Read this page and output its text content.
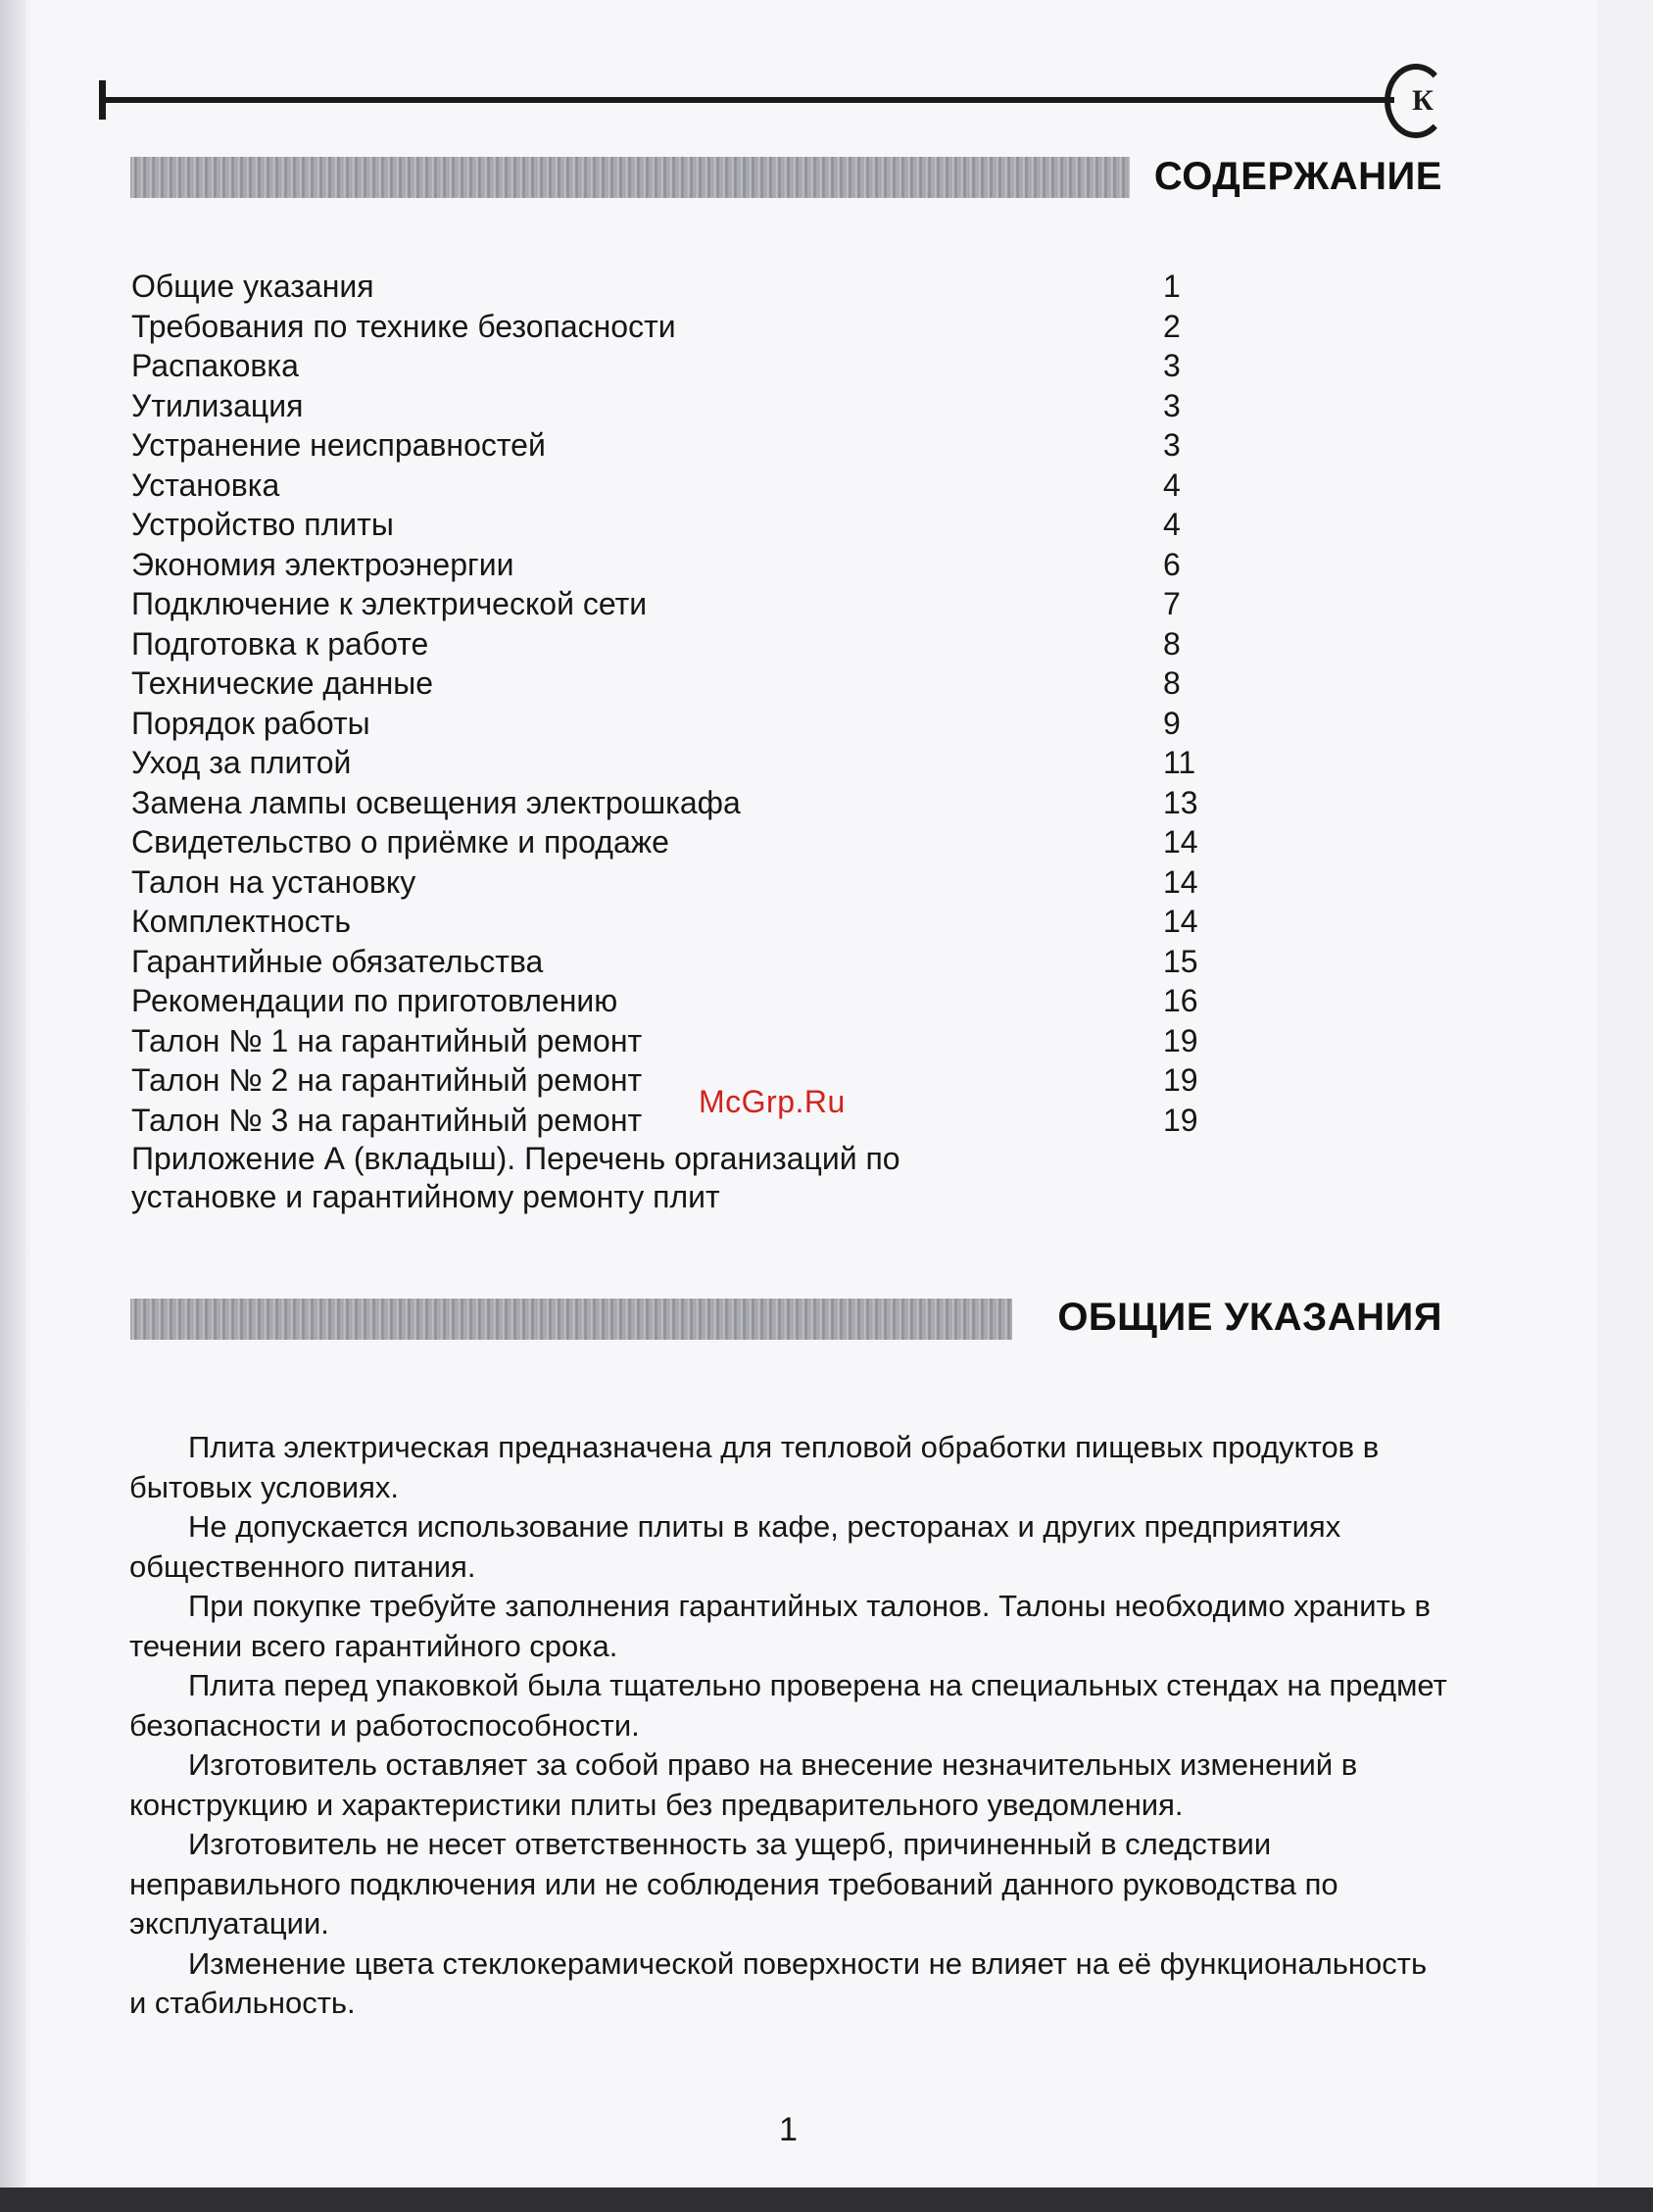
К
СОДЕРЖАНИЕ
Общие указания	1
Требования по технике безопасности	2
Распаковка	3
Утилизация	3
Устранение неисправностей	3
Установка	4
Устройство плиты	4
Экономия электроэнергии	6
Подключение к электрической сети	7
Подготовка к работе	8
Технические данные	8
Порядок работы	9
Уход за плитой	11
Замена лампы освещения электрошкафа	13
Свидетельство о приёмке и продаже	14
Талон на установку	14
Комплектность	14
Гарантийные обязательства	15
Рекомендации по приготовлению	16
Талон № 1 на гарантийный ремонт	19
Талон № 2 на гарантийный ремонт	19
Талон № 3 на гарантийный ремонт	19
Приложение А (вкладыш). Перечень организаций по установке и гарантийному ремонту плит
ОБЩИЕ УКАЗАНИЯ

Плита электрическая предназначена для тепловой обработки пищевых продуктов в бытовых условиях.

Не допускается использование плиты в кафе, ресторанах и других предприятиях общественного питания.

При покупке требуйте заполнения гарантийных талонов. Талоны необходимо хранить в течении всего гарантийного срока.

Плита перед упаковкой была тщательно проверена на специальных стендах на предмет безопасности и работоспособности.

Изготовитель оставляет за собой право на внесение незначительных изменений в конструкцию и характеристики плиты без предварительного уведомления.

Изготовитель не несет ответственность за ущерб, причиненный в следствии неправильного подключения или не соблюдения требований данного руководства по эксплуатации.

Изменение цвета стеклокерамической поверхности не влияет на её функциональность и стабильность.

McGrp.Ru
1
